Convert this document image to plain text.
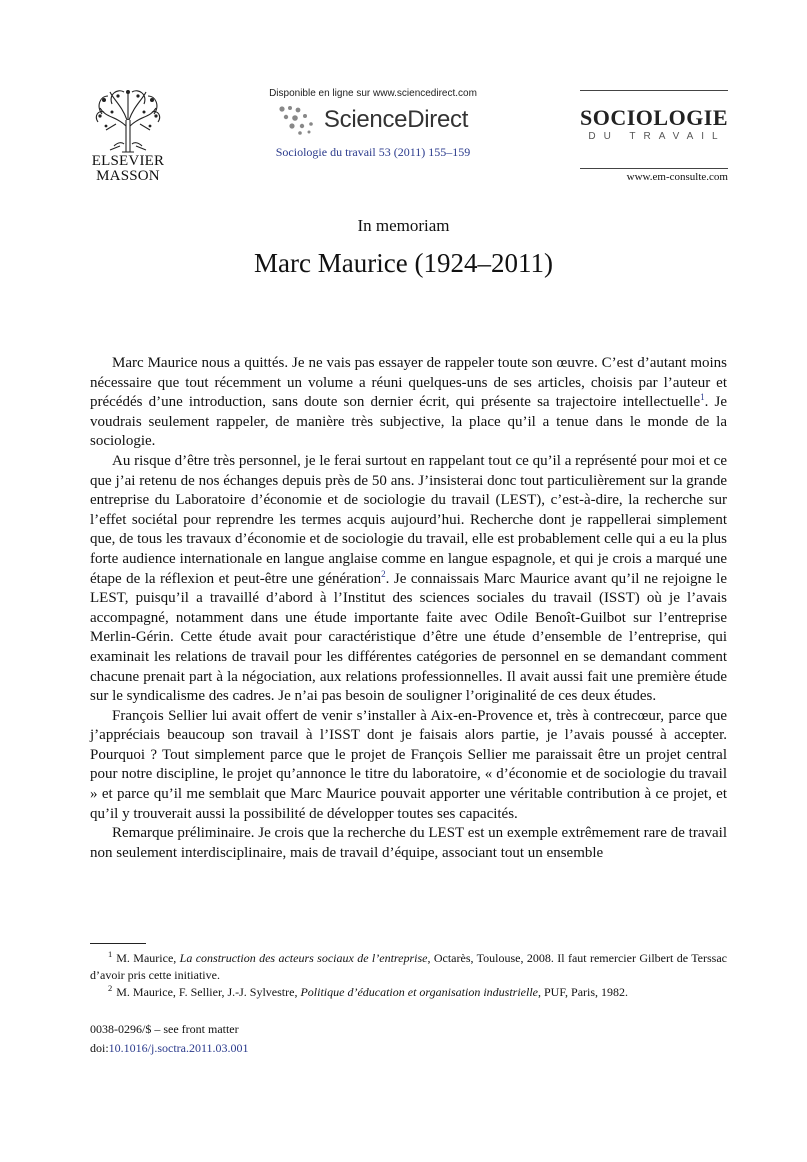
ELSEVIER
MASSON
Disponible en ligne sur www.sciencedirect.com
ScienceDirect
Sociologie du travail 53 (2011) 155–159
SOCIOLOGIE
DU TRAVAIL
www.em-consulte.com
In memoriam
Marc Maurice (1924–2011)

Marc Maurice nous a quittés. Je ne vais pas essayer de rappeler toute son œuvre. C’est d’autant moins nécessaire que tout récemment un volume a réuni quelques-uns de ses articles, choisis par l’auteur et précédés d’une introduction, sans doute son dernier écrit, qui présente sa trajectoire intellectuelle$^1$. Je voudrais seulement rappeler, de manière très subjective, la place qu’il a tenue dans le monde de la sociologie.

Au risque d’être très personnel, je le ferai surtout en rappelant tout ce qu’il a représenté pour moi et ce que j’ai retenu de nos échanges depuis près de 50 ans. J’insisterai donc tout particulièrement sur la grande entreprise du Laboratoire d’économie et de sociologie du travail (LEST), c’est-à-dire, la recherche sur l’effet sociétal pour reprendre les termes acquis aujourd’hui. Recherche dont je rappellerai simplement que, de tous les travaux d’économie et de sociologie du travail, elle est probablement celle qui a eu la plus forte audience internationale en langue anglaise comme en langue espagnole, et qui je crois a marqué une étape de la réflexion et peut-être une génération$^2$. Je connaissais Marc Maurice avant qu’il ne rejoigne le LEST, puisqu’il a travaillé d’abord à l’Institut des sciences sociales du travail (ISST) où je l’avais accompagné, notamment dans une étude importante faite avec Odile Benoît-Guilbot sur l’entreprise Merlin-Gérin. Cette étude avait pour caractéristique d’être une étude d’ensemble de l’entreprise, qui examinait les relations de travail pour les différentes catégories de personnel en se demandant comment chacune prenait part à la négociation, aux relations professionnelles. Il avait aussi fait une première étude sur le syndicalisme des cadres. Je n’ai pas besoin de souligner l’originalité de ces deux études.

François Sellier lui avait offert de venir s’installer à Aix-en-Provence et, très à contrecœur, parce que j’appréciais beaucoup son travail à l’ISST dont je faisais alors partie, je l’avais poussé à accepter. Pourquoi ? Tout simplement parce que le projet de François Sellier me paraissait être un projet central pour notre discipline, le projet qu’annonce le titre du laboratoire, « d’économie et de sociologie du travail » et parce qu’il me semblait que Marc Maurice pouvait apporter une véritable contribution à ce projet, et qu’il y trouverait aussi la possibilité de développer toutes ses capacités.

Remarque préliminaire. Je crois que la recherche du LEST est un exemple extrêmement rare de travail non seulement interdisciplinaire, mais de travail d’équipe, associant tout un ensemble

$^1$ M. Maurice, La construction des acteurs sociaux de l’entreprise, Octarès, Toulouse, 2008. Il faut remercier Gilbert de Terssac d’avoir pris cette initiative.

$^2$ M. Maurice, F. Sellier, J.-J. Sylvestre, Politique d’éducation et organisation industrielle, PUF, Paris, 1982.

0038-0296/$ – see front matter
doi:10.1016/j.soctra.2011.03.001
